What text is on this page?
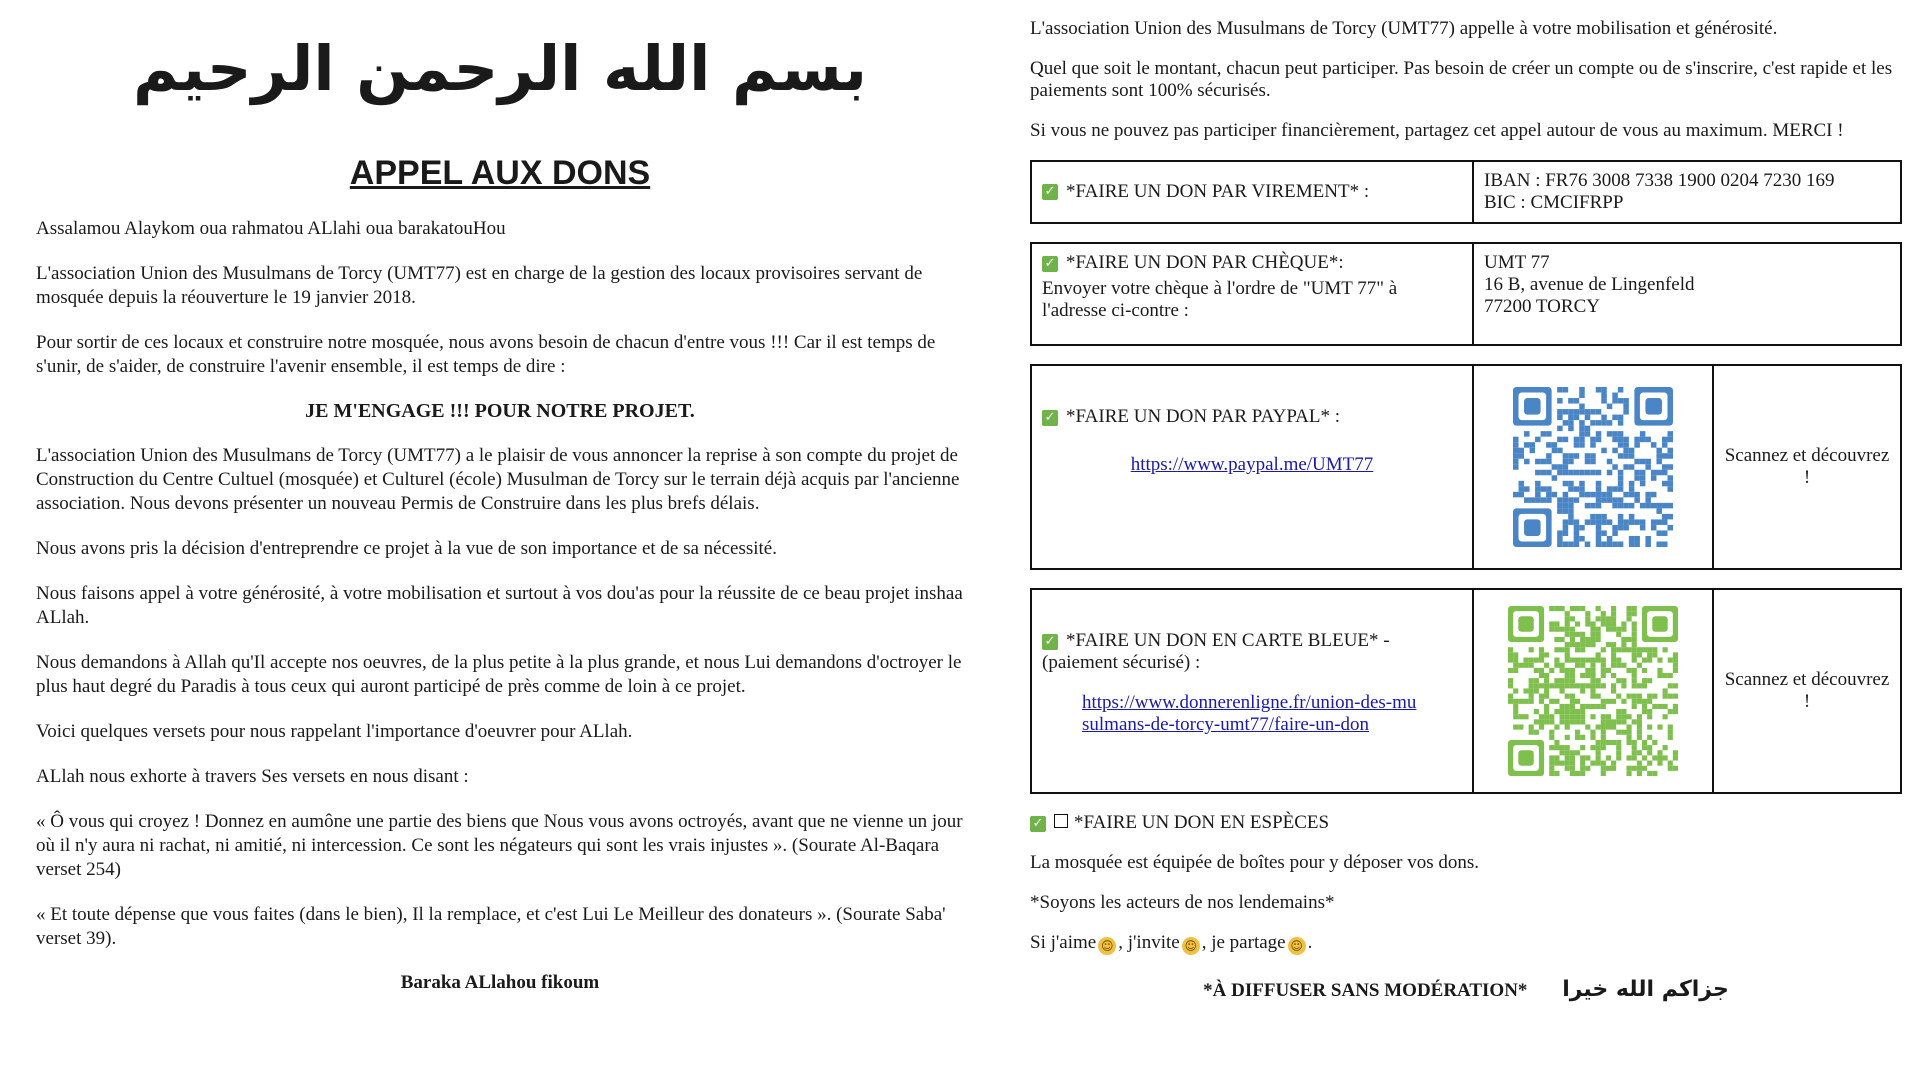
بسم الله الرحمن الرحيم
APPEL AUX DONS

Assalamou Alaykom oua rahmatou ALlahi oua barakatouHou

L'association Union des Musulmans de Torcy (UMT77) est en charge de la gestion des locaux provisoires servant de mosquée depuis la réouverture le 19 janvier 2018.

Pour sortir de ces locaux et construire notre mosquée, nous avons besoin de chacun d'entre vous !!! Car il est temps de s'unir, de s'aider, de construire l'avenir ensemble, il est temps de dire :

JE M'ENGAGE !!! POUR NOTRE PROJET.

L'association Union des Musulmans de Torcy (UMT77) a le plaisir de vous annoncer la reprise à son compte du projet de Construction du Centre Cultuel (mosquée) et Culturel (école) Musulman de Torcy sur le terrain déjà acquis par l'ancienne association. Nous devons présenter un nouveau Permis de Construire dans les plus brefs délais.

Nous avons pris la décision d'entreprendre ce projet à la vue de son importance et de sa nécessité.

Nous faisons appel à votre générosité, à votre mobilisation et surtout à vos dou'as pour la réussite de ce beau projet inshaa ALlah.

Nous demandons à Allah qu'Il accepte nos oeuvres, de la plus petite à la plus grande, et nous Lui demandons d'octroyer le plus haut degré du Paradis à tous ceux qui auront participé de près comme de loin à ce projet.

Voici quelques versets pour nous rappelant l'importance d'oeuvrer pour ALlah.

ALlah nous exhorte à travers Ses versets en nous disant :

« Ô vous qui croyez ! Donnez en aumône une partie des biens que Nous vous avons octroyés, avant que ne vienne un jour où il n'y aura ni rachat, ni amitié, ni intercession. Ce sont les négateurs qui sont les vrais injustes ». (Sourate Al-Baqara verset 254)

« Et toute dépense que vous faites (dans le bien), Il la remplace, et c'est Lui Le Meilleur des donateurs ». (Sourate Saba' verset 39).

Baraka ALlahou fikoum

L'association Union des Musulmans de Torcy (UMT77) appelle à votre mobilisation et générosité.

Quel que soit le montant, chacun peut participer. Pas besoin de créer un compte ou de s'inscrire, c'est rapide et les paiements sont 100% sécurisés.

Si vous ne pouvez pas participer financièrement, partagez cet appel autour de vous au maximum. MERCI !

✓ *FAIRE UN DON PAR VIREMENT* :
IBAN : FR76 3008 7338 1900 0204 7230 169
BIC : CMCIFRPP
✓ *FAIRE UN DON PAR CHÈQUE*:
Envoyer votre chèque à l'ordre de "UMT 77" à l'adresse ci-contre :
UMT 77
16 B, avenue de Lingenfeld
77200 TORCY
✓ *FAIRE UN DON PAR PAYPAL* :
https://www.paypal.me/UMT77	Scannez et découvrez !
✓ *FAIRE UN DON EN CARTE BLEUE* - (paiement sécurisé) :
https://www.donnerenligne.fr/union-des-musulmans-de-torcy-umt77/faire-un-don
Scannez et découvrez !

✓ *FAIRE UN DON EN ESPÈCES

La mosquée est équipée de boîtes pour y déposer vos dons.

*Soyons les acteurs de nos lendemains*

Si j'aime ☺ , j'invite ☺ , je partage ☺ .

*À DIFFUSER SANS MODÉRATION* جزاكم الله خيرا
